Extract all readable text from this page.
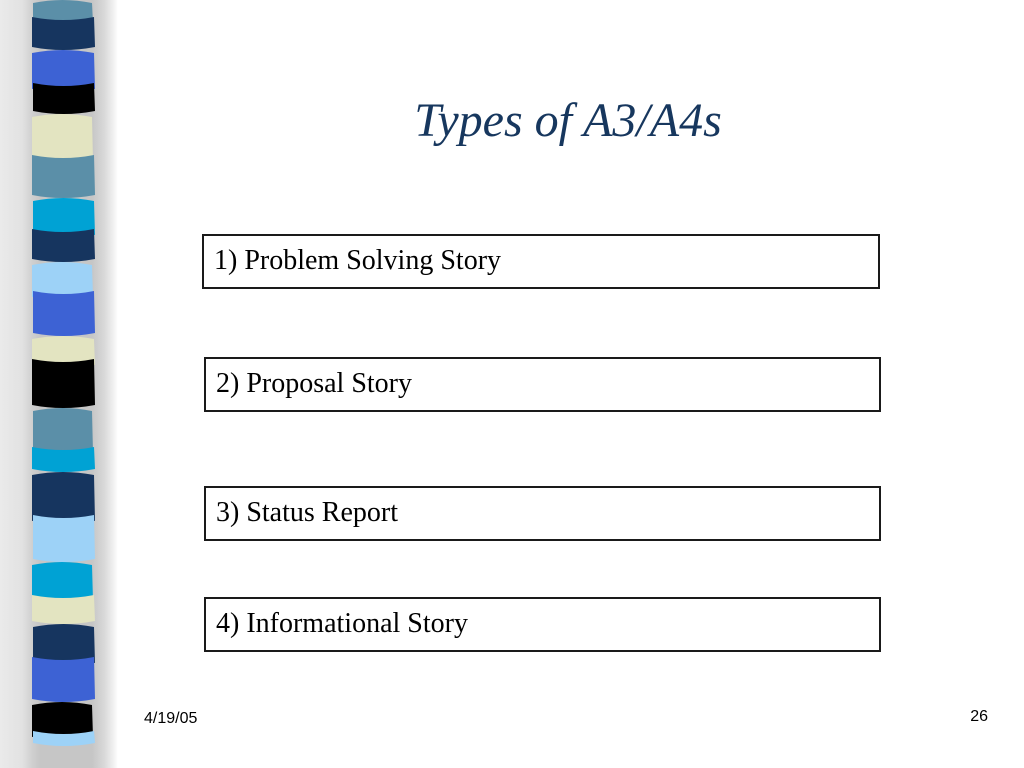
Types of A3/A4s
1) Problem Solving Story
2) Proposal Story
3) Status Report
4) Informational Story
4/19/05	26
